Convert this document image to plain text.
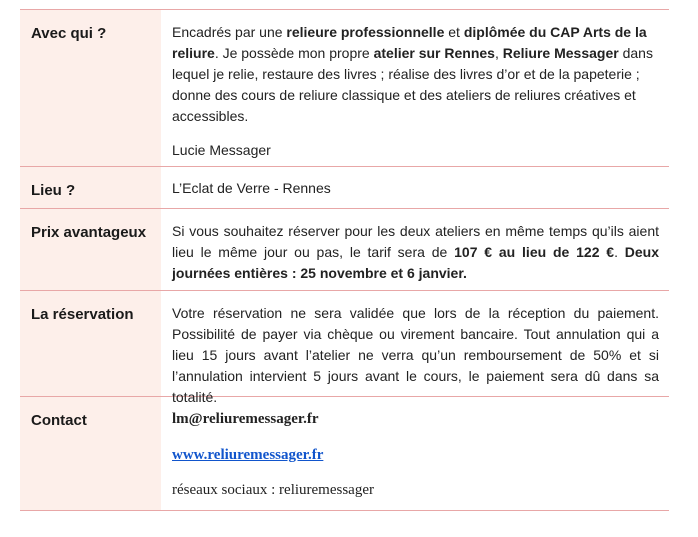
Avec qui ?	Encadrés par une relieure professionnelle et diplômée du CAP Arts de la reliure. Je possède mon propre atelier sur Rennes, Reliure Messager dans lequel je relie, restaure des livres ; réalise des livres d’or et de la papeterie ; donne des cours de reliure classique et des ateliers de reliures créatives et accessibles.

Lucie Messager

Lieu ?	L’Eclat de Verre - Rennes

Prix avantageux	Si vous souhaitez réserver pour les deux ateliers en même temps qu’ils aient lieu le même jour ou pas, le tarif sera de 107 € au lieu de 122 €. Deux journées entières : 25 novembre et 6 janvier.

La réservation	Votre réservation ne sera validée que lors de la réception du paiement. Possibilité de payer via chèque ou virement bancaire. Tout annulation qui a lieu 15 jours avant l’atelier ne verra qu’un remboursement de 50% et si l’annulation intervient 5 jours avant le cours, le paiement sera dû dans sa totalité.

Contact	lm@reliuremessager.fr

www.reliuremessager.fr

réseaux sociaux : reliuremessager
